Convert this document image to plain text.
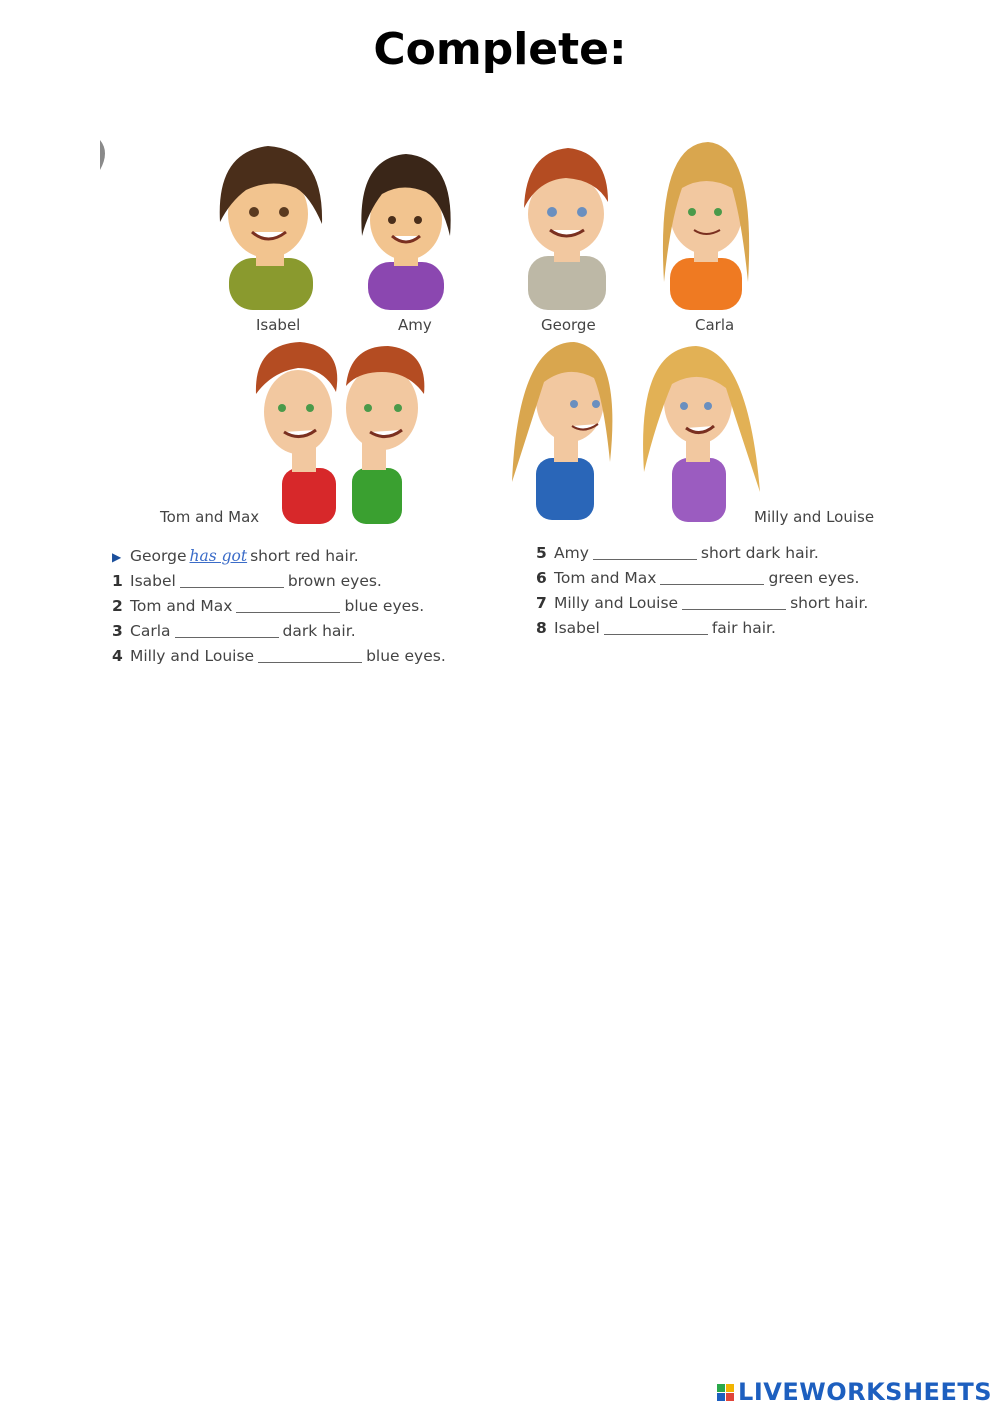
Complete:
Isabel	Amy	George	Carla
Tom and Max	Milly and Louise
▶ George has got short red hair.
1 Isabel	brown eyes.
2 Tom and Max	blue eyes.
3 Carla	dark hair.
4 Milly and Louise	blue eyes.
5 Amy	short dark hair.
6 Tom and Max	green eyes.
7 Milly and Louise	short hair.
8 Isabel	fair hair.
LIVEWORKSHEETS
